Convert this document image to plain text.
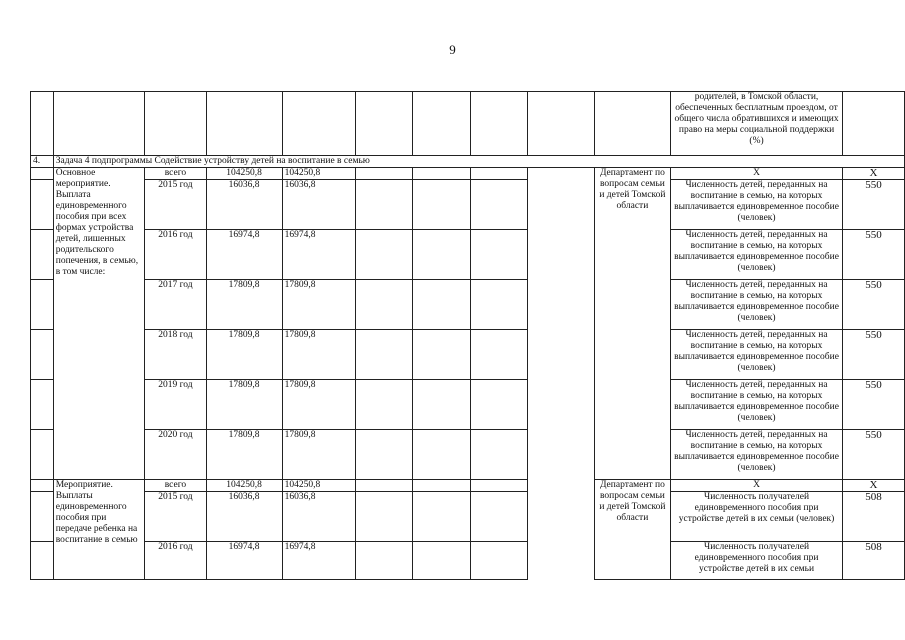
9
										родителей, в Томской области, обеспеченных бесплатным проездом, от общего числа обратившихся и имеющих право на меры социальной поддержки (%)	
4.	Задача 4 подпрограммы Содействие устройству детей на воспитание в семью										
	Основное мероприятие. Выплата единовременного пособия при всех формах устройства детей, лишенных родительского попечения, в семью, в том числе:	всего	104250,8	104250,8					Департамент по вопросам семьи и детей Томской области	X	X
		2015 год	16036,8	16036,8						Численность детей, переданных на воспитание в семью, на которых выплачивается единовременное пособие (человек)	550
		2016 год	16974,8	16974,8						Численность детей, переданных на воспитание в семью, на которых выплачивается единовременное пособие (человек)	550
		2017 год	17809,8	17809,8						Численность детей, переданных на воспитание в семью, на которых выплачивается единовременное пособие (человек)	550
		2018 год	17809,8	17809,8						Численность детей, переданных на воспитание в семью, на которых выплачивается единовременное пособие (человек)	550
		2019 год	17809,8	17809,8						Численность детей, переданных на воспитание в семью, на которых выплачивается единовременное пособие (человек)	550
		2020 год	17809,8	17809,8						Численность детей, переданных на воспитание в семью, на которых выплачивается единовременное пособие (человек)	550
	Мероприятие. Выплаты единовременного пособия при передаче ребенка на воспитание в семью	всего	104250,8	104250,8					Департамент по вопросам семьи и детей Томской области	X	X
		2015 год	16036,8	16036,8						Численность получателей единовременного пособия при устройстве детей в их семьи (человек)	508
		2016 год	16974,8	16974,8						Численность получателей единовременного пособия при устройстве детей в их семьи	508
